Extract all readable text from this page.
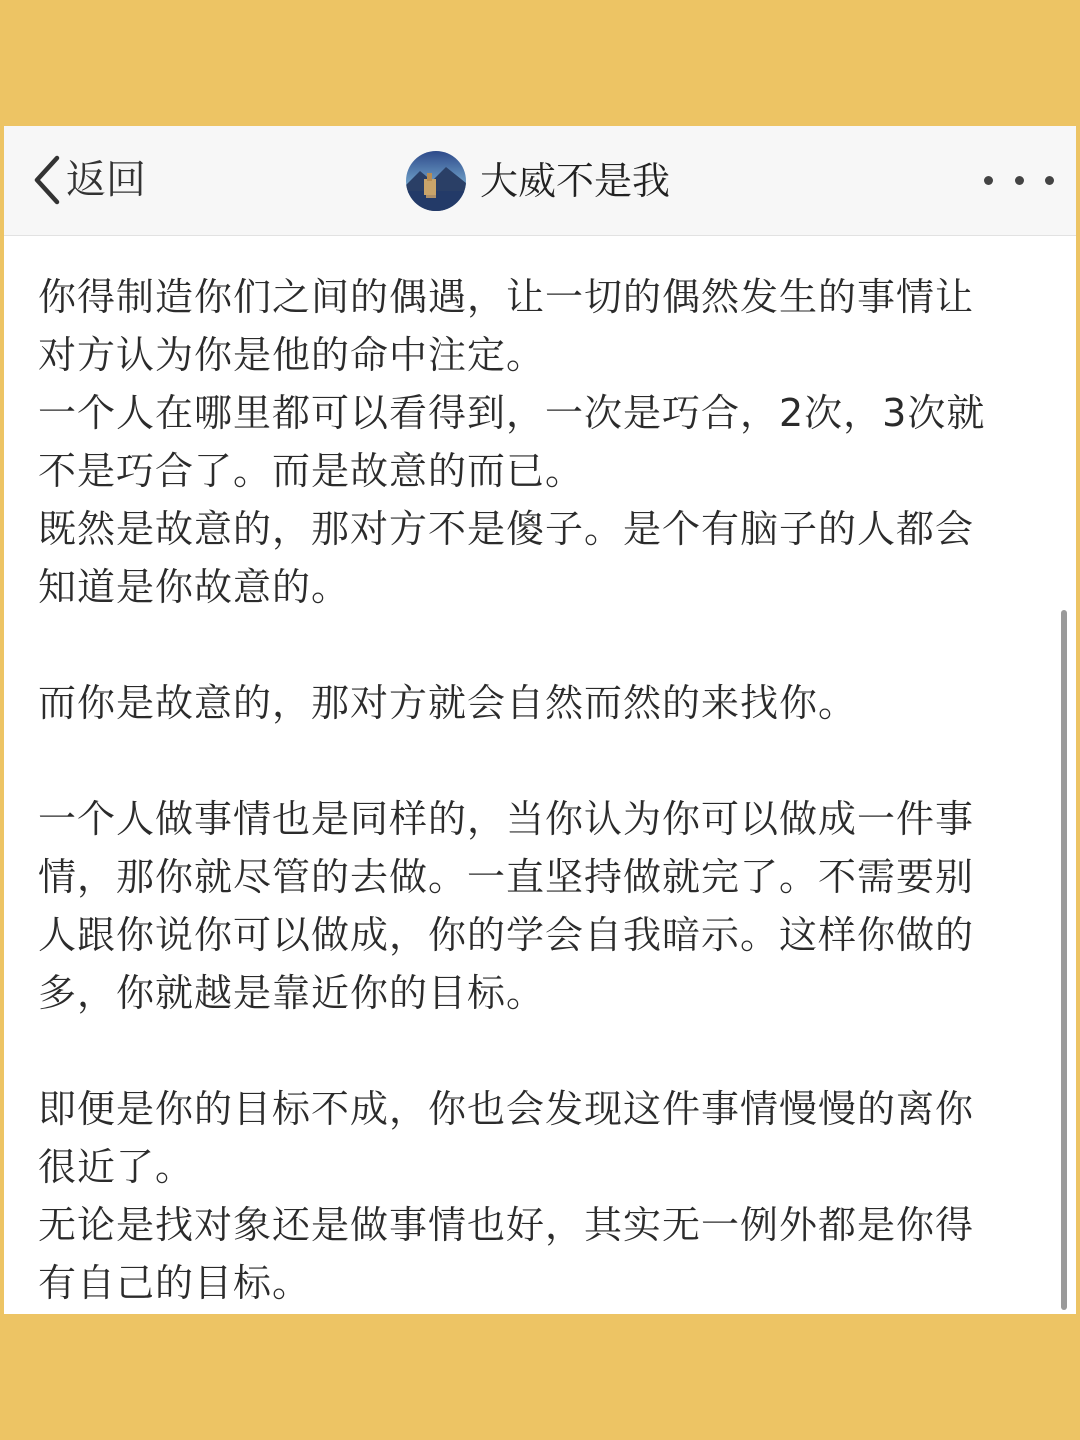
返回	大威不是我

你得制造你们之间的偶遇，让一切的偶然发生的事情让
对方认为你是他的命中注定。
一个人在哪里都可以看得到，一次是巧合，2次，3次就
不是巧合了。而是故意的而已。
既然是故意的，那对方不是傻子。是个有脑子的人都会
知道是你故意的。

而你是故意的，那对方就会自然而然的来找你。

一个人做事情也是同样的，当你认为你可以做成一件事
情，那你就尽管的去做。一直坚持做就完了。不需要别
人跟你说你可以做成，你的学会自我暗示。这样你做的
多，你就越是靠近你的目标。

即便是你的目标不成，你也会发现这件事情慢慢的离你
很近了。
无论是找对象还是做事情也好，其实无一例外都是你得
有自己的目标。
